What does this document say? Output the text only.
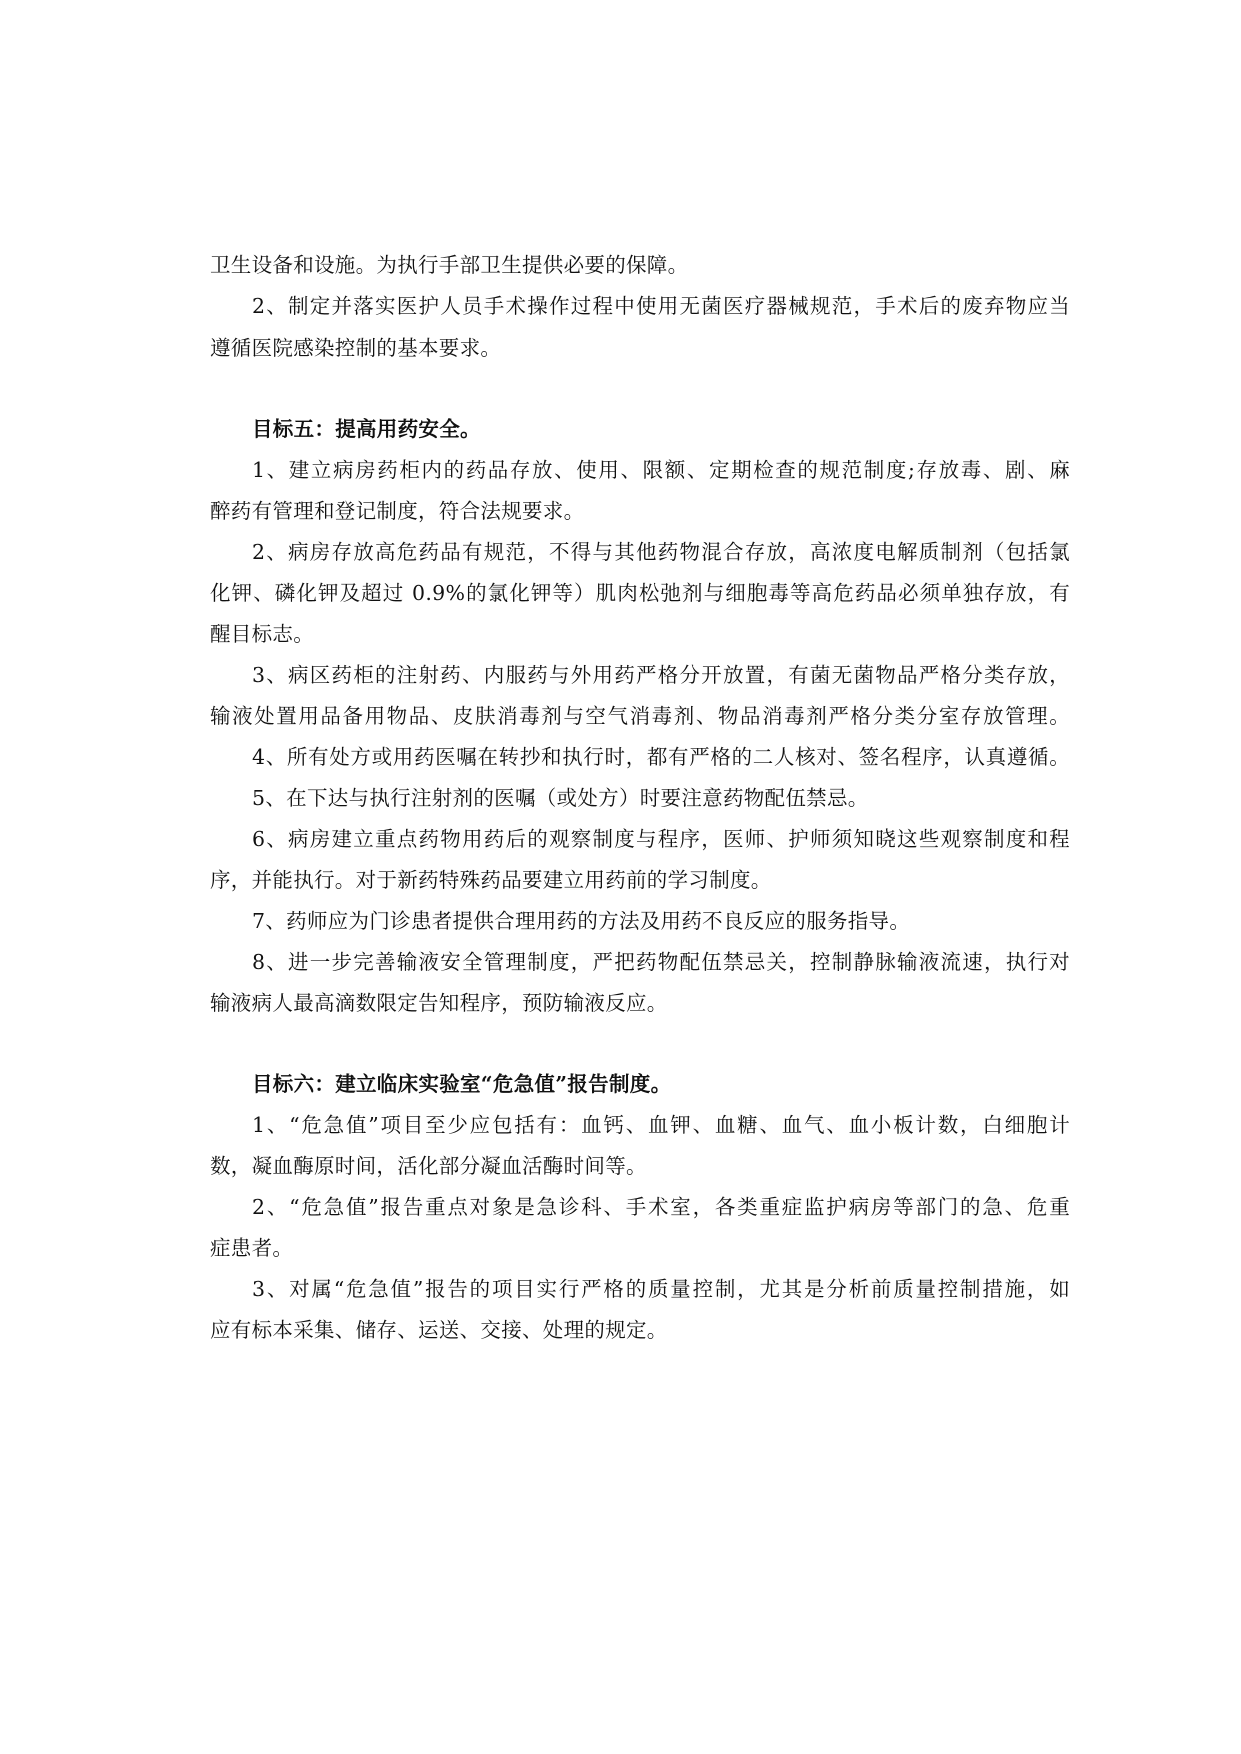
卫生设备和设施。为执行手部卫生提供必要的保障。
2、制定并落实医护人员手术操作过程中使用无菌医疗器械规范，手术后的废弃物应当
遵循医院感染控制的基本要求。
目标五：提高用药安全。
1、建立病房药柜内的药品存放、使用、限额、定期检查的规范制度;存放毒、剧、麻
醉药有管理和登记制度，符合法规要求。
2、病房存放高危药品有规范，不得与其他药物混合存放，高浓度电解质制剂（包括氯
化钾、磷化钾及超过 0.9%的氯化钾等）肌肉松弛剂与细胞毒等高危药品必须单独存放，有
醒目标志。
3、病区药柜的注射药、内服药与外用药严格分开放置，有菌无菌物品严格分类存放，
输液处置用品备用物品、皮肤消毒剂与空气消毒剂、物品消毒剂严格分类分室存放管理。
4、所有处方或用药医嘱在转抄和执行时，都有严格的二人核对、签名程序，认真遵循。
5、在下达与执行注射剂的医嘱（或处方）时要注意药物配伍禁忌。
6、病房建立重点药物用药后的观察制度与程序，医师、护师须知晓这些观察制度和程
序，并能执行。对于新药特殊药品要建立用药前的学习制度。
7、药师应为门诊患者提供合理用药的方法及用药不良反应的服务指导。
8、进一步完善输液安全管理制度，严把药物配伍禁忌关，控制静脉输液流速，执行对
输液病人最高滴数限定告知程序，预防输液反应。
目标六：建立临床实验室“危急值”报告制度。
1、“危急值”项目至少应包括有：血钙、血钾、血糖、血气、血小板计数，白细胞计
数，凝血酶原时间，活化部分凝血活酶时间等。
2、“危急值”报告重点对象是急诊科、手术室，各类重症监护病房等部门的急、危重
症患者。
3、对属“危急值”报告的项目实行严格的质量控制，尤其是分析前质量控制措施，如
应有标本采集、储存、运送、交接、处理的规定。
